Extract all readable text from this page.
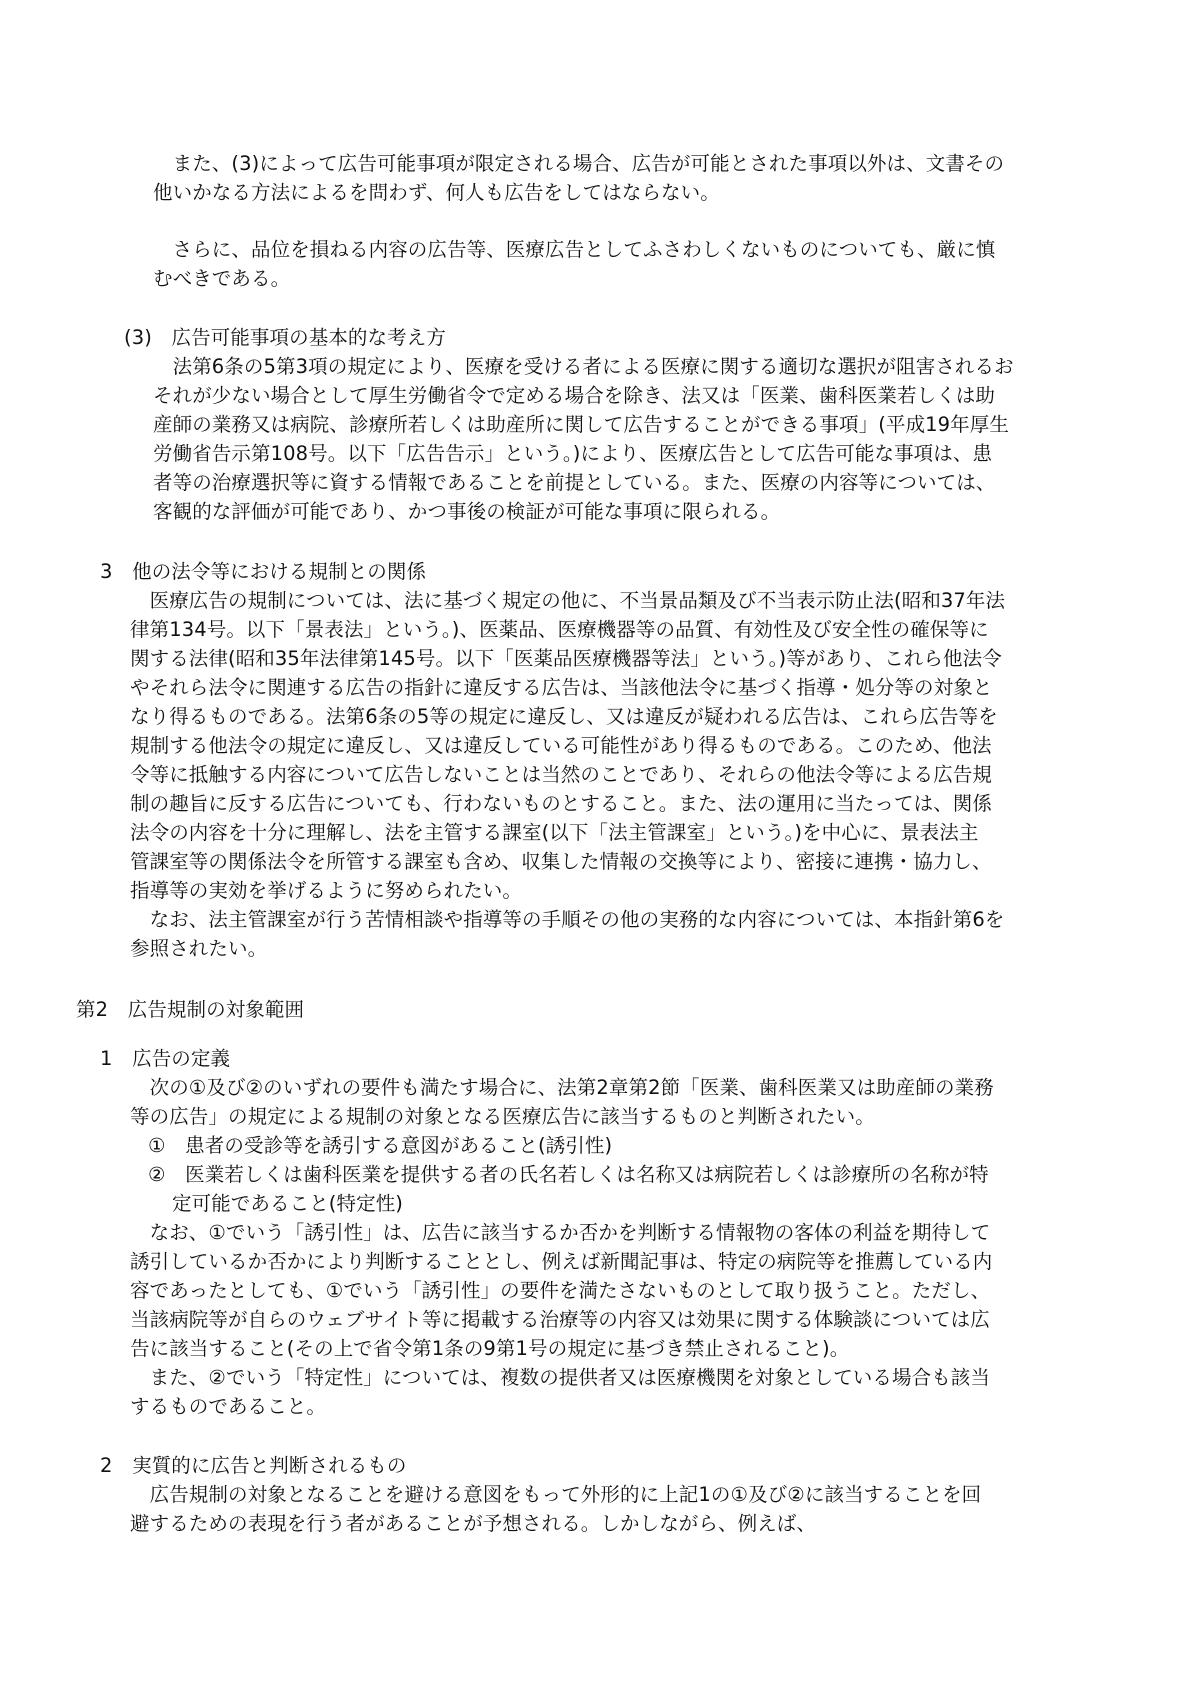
　また、(3)によって広告可能事項が限定される場合、広告が可能とされた事項以外は、文書その
他いかなる方法によるを問わず、何人も広告をしてはならない。
　さらに、品位を損ねる内容の広告等、医療広告としてふさわしくないものについても、厳に慎
むべきである。
(3)　広告可能事項の基本的な考え方
　法第6条の5第3項の規定により、医療を受ける者による医療に関する適切な選択が阻害されるお
それが少ない場合として厚生労働省令で定める場合を除き、法又は「医業、歯科医業若しくは助
産師の業務又は病院、診療所若しくは助産所に関して広告することができる事項」(平成19年厚生
労働省告示第108号。以下「広告告示」という。)により、医療広告として広告可能な事項は、患
者等の治療選択等に資する情報であることを前提としている。また、医療の内容等については、
客観的な評価が可能であり、かつ事後の検証が可能な事項に限られる。
3　他の法令等における規制との関係
　医療広告の規制については、法に基づく規定の他に、不当景品類及び不当表示防止法(昭和37年法
律第134号。以下「景表法」という。)、医薬品、医療機器等の品質、有効性及び安全性の確保等に
関する法律(昭和35年法律第145号。以下「医薬品医療機器等法」という。)等があり、これら他法令
やそれら法令に関連する広告の指針に違反する広告は、当該他法令に基づく指導・処分等の対象と
なり得るものである。法第6条の5等の規定に違反し、又は違反が疑われる広告は、これら広告等を
規制する他法令の規定に違反し、又は違反している可能性があり得るものである。このため、他法
令等に抵触する内容について広告しないことは当然のことであり、それらの他法令等による広告規
制の趣旨に反する広告についても、行わないものとすること。また、法の運用に当たっては、関係
法令の内容を十分に理解し、法を主管する課室(以下「法主管課室」という。)を中心に、景表法主
管課室等の関係法令を所管する課室も含め、収集した情報の交換等により、密接に連携・協力し、
指導等の実効を挙げるように努められたい。
　なお、法主管課室が行う苦情相談や指導等の手順その他の実務的な内容については、本指針第6を
参照されたい。
第2　広告規制の対象範囲
1　広告の定義
　次の①及び②のいずれの要件も満たす場合に、法第2章第2節「医業、歯科医業又は助産師の業務
等の広告」の規定による規制の対象となる医療広告に該当するものと判断されたい。
①　患者の受診等を誘引する意図があること(誘引性)
②　医業若しくは歯科医業を提供する者の氏名若しくは名称又は病院若しくは診療所の名称が特
定可能であること(特定性)
　なお、①でいう「誘引性」は、広告に該当するか否かを判断する情報物の客体の利益を期待して
誘引しているか否かにより判断することとし、例えば新聞記事は、特定の病院等を推薦している内
容であったとしても、①でいう「誘引性」の要件を満たさないものとして取り扱うこと。ただし、
当該病院等が自らのウェブサイト等に掲載する治療等の内容又は効果に関する体験談については広
告に該当すること(その上で省令第1条の9第1号の規定に基づき禁止されること)。
　また、②でいう「特定性」については、複数の提供者又は医療機関を対象としている場合も該当
するものであること。
2　実質的に広告と判断されるもの
　広告規制の対象となることを避ける意図をもって外形的に上記1の①及び②に該当することを回
避するための表現を行う者があることが予想される。しかしながら、例えば、
